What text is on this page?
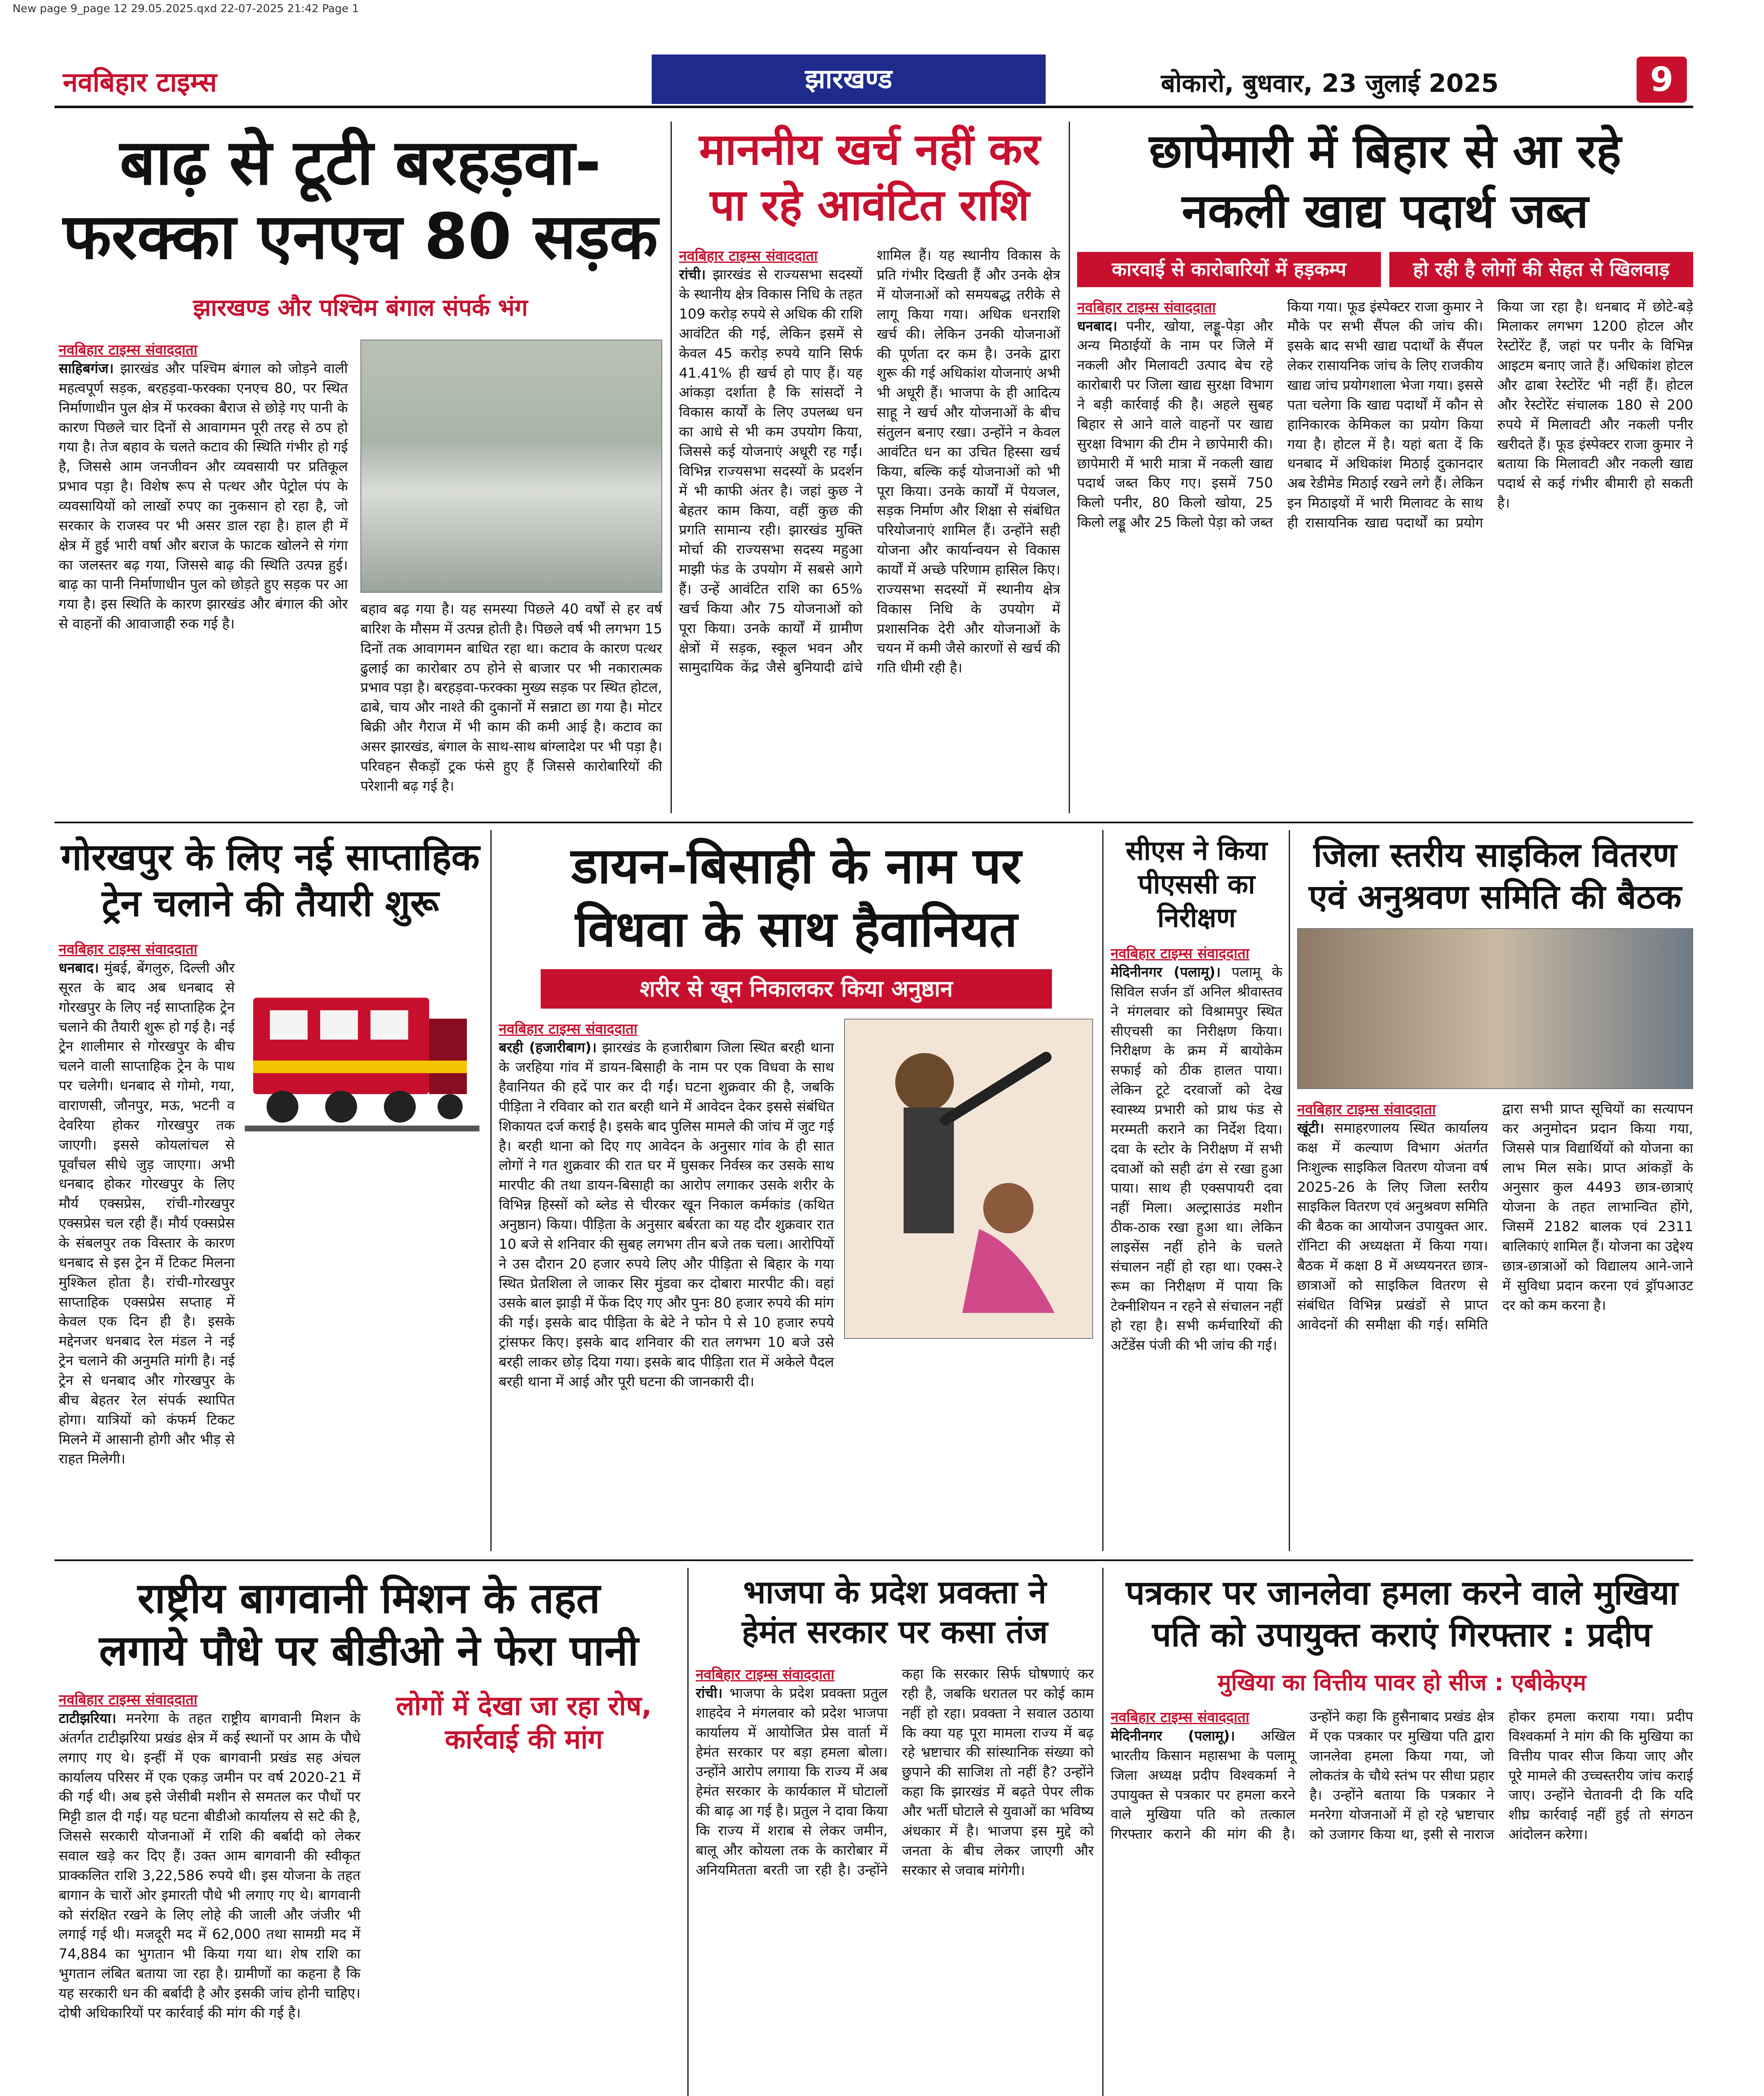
New page 9_page 12 29.05.2025.qxd 22-07-2025 21:42 Page 1
नवबिहार टाइम्स	झारखण्ड	बोकारो, बुधवार, 23 जुलाई 2025	9
बाढ़ से टूटी बरहड़वा-
फरक्का एनएच 80 सड़क
झारखण्ड और पश्चिम बंगाल संपर्क भंग
नवबिहार टाइम्स संवाददाता
साहिबगंज। झारखंड और पश्चिम बंगाल को जोड़ने वाली महत्वपूर्ण सड़क, बरहड़वा-फरक्का एनएच 80, पर स्थित निर्माणाधीन पुल क्षेत्र में फरक्का बैराज से छोड़े गए पानी के कारण पिछले चार दिनों से आवागमन पूरी तरह से ठप हो गया है। तेज बहाव के चलते कटाव की स्थिति गंभीर हो गई है, जिससे आम जनजीवन और व्यवसायी पर प्रतिकूल प्रभाव पड़ा है। विशेष रूप से पत्थर और पेट्रोल पंप के व्यवसायियों को लाखों रुपए का नुकसान हो रहा है, जो सरकार के राजस्व पर भी असर डाल रहा है। हाल ही में क्षेत्र में हुई भारी वर्षा और बराज के फाटक खोलने से गंगा का जलस्तर बढ़ गया, जिससे बाढ़ की स्थिति उत्पन्न हुई। बाढ़ का पानी निर्माणाधीन पुल को छोड़ते हुए सड़क पर आ गया है। इस स्थिति के कारण झारखंड और बंगाल की ओर से वाहनों की आवाजाही रुक गई है।
बहाव बढ़ गया है। यह समस्या पिछले 40 वर्षों से हर वर्ष बारिश के मौसम में उत्पन्न होती है। पिछले वर्ष भी लगभग 15 दिनों तक आवागमन बाधित रहा था। कटाव के कारण पत्थर ढुलाई का कारोबार ठप होने से बाजार पर भी नकारात्मक प्रभाव पड़ा है। बरहड़वा-फरक्का मुख्य सड़क पर स्थित होटल, ढाबे, चाय और नाश्ते की दुकानों में सन्नाटा छा गया है। मोटर बिक्री और गैराज में भी काम की कमी आई है। कटाव का असर झारखंड, बंगाल के साथ-साथ बांग्लादेश पर भी पड़ा है। परिवहन सैकड़ों ट्रक फंसे हुए हैं जिससे कारोबारियों की परेशानी बढ़ गई है।
माननीय खर्च नहीं कर पा रहे आवंटित राशि
नवबिहार टाइम्स संवाददाता
रांची। झारखंड से राज्यसभा सदस्यों के स्थानीय क्षेत्र विकास निधि के तहत 109 करोड़ रुपये से अधिक की राशि आवंटित की गई, लेकिन इसमें से केवल 45 करोड़ रुपये यानि सिर्फ 41.41% ही खर्च हो पाए हैं। यह आंकड़ा दर्शाता है कि सांसदों ने विकास कार्यों के लिए उपलब्ध धन का आधे से भी कम उपयोग किया, जिससे कई योजनाएं अधूरी रह गईं। विभिन्न राज्यसभा सदस्यों के प्रदर्शन में भी काफी अंतर है। जहां कुछ ने बेहतर काम किया, वहीं कुछ की प्रगति सामान्य रही। झारखंड मुक्ति मोर्चा की राज्यसभा सदस्य महुआ माझी फंड के उपयोग में सबसे आगे हैं। उन्हें आवंटित राशि का 65% खर्च किया और 75 योजनाओं को पूरा किया। उनके कार्यों में ग्रामीण क्षेत्रों में सड़क, स्कूल भवन और सामुदायिक केंद्र जैसे बुनियादी ढांचे शामिल हैं। यह स्थानीय विकास के प्रति गंभीर दिखती हैं और उनके क्षेत्र में योजनाओं को समयबद्ध तरीके से लागू किया गया। अधिक धनराशि खर्च की। लेकिन उनकी योजनाओं की पूर्णता दर कम है। उनके द्वारा शुरू की गई अधिकांश योजनाएं अभी भी अधूरी हैं। भाजपा के ही आदित्य साहू ने खर्च और योजनाओं के बीच संतुलन बनाए रखा। उन्होंने न केवल आवंटित धन का उचित हिस्सा खर्च किया, बल्कि कई योजनाओं को भी पूरा किया। उनके कार्यों में पेयजल, सड़क निर्माण और शिक्षा से संबंधित परियोजनाएं शामिल हैं। उन्होंने सही योजना और कार्यान्वयन से विकास कार्यों में अच्छे परिणाम हासिल किए। राज्यसभा सदस्यों में स्थानीय क्षेत्र विकास निधि के उपयोग में प्रशासनिक देरी और योजनाओं के चयन में कमी जैसे कारणों से खर्च की गति धीमी रही है।
छापेमारी में बिहार से आ रहे
नकली खाद्य पदार्थ जब्त
कारवाई से कारोबारियों में हड़कम्प	हो रही है लोगों की सेहत से खिलवाड़
नवबिहार टाइम्स संवाददाता
धनबाद। पनीर, खोया, लड्डू-पेड़ा और अन्य मिठाईयों के नाम पर जिले में नकली और मिलावटी उत्पाद बेच रहे कारोबारी पर जिला खाद्य सुरक्षा विभाग ने बड़ी कार्रवाई की है। अहले सुबह बिहार से आने वाले वाहनों पर खाद्य सुरक्षा विभाग की टीम ने छापेमारी की। छापेमारी में भारी मात्रा में नकली खाद्य पदार्थ जब्त किए गए। इसमें 750 किलो पनीर, 80 किलो खोया, 25 किलो लड्डू और 25 किलो पेड़ा को जब्त किया गया। फूड इंस्पेक्टर राजा कुमार ने मौके पर सभी सैंपल की जांच की। इसके बाद सभी खाद्य पदार्थों के सैंपल लेकर रासायनिक जांच के लिए राजकीय खाद्य जांच प्रयोगशाला भेजा गया। इससे पता चलेगा कि खाद्य पदार्थों में कौन से हानिकारक केमिकल का प्रयोग किया गया है। होटल में है। यहां बता दें कि धनबाद में अधिकांश मिठाई दुकानदार अब रेडीमेड मिठाई रखने लगे हैं। लेकिन इन मिठाइयों में भारी मिलावट के साथ ही रासायनिक खाद्य पदार्थों का प्रयोग किया जा रहा है। धनबाद में छोटे-बड़े मिलाकर लगभग 1200 होटल और रेस्टोरेंट हैं, जहां पर पनीर के विभिन्न आइटम बनाए जाते हैं। अधिकांश होटल और ढाबा रेस्टोरेंट भी नहीं हैं। होटल और रेस्टोरेंट संचालक 180 से 200 रुपये में मिलावटी और नकली पनीर खरीदते हैं। फूड इंस्पेक्टर राजा कुमार ने बताया कि मिलावटी और नकली खाद्य पदार्थ से कई गंभीर बीमारी हो सकती है।
गोरखपुर के लिए नई साप्ताहिक
ट्रेन चलाने की तैयारी शुरू
नवबिहार टाइम्स संवाददाता
धनबाद। मुंबई, बेंगलुरु, दिल्ली और सूरत के बाद अब धनबाद से गोरखपुर के लिए नई साप्ताहिक ट्रेन चलाने की तैयारी शुरू हो गई है। नई ट्रेन शालीमार से गोरखपुर के बीच चलने वाली साप्ताहिक ट्रेन के पाथ पर चलेगी। धनबाद से गोमो, गया, वाराणसी, जौनपुर, मऊ, भटनी व देवरिया होकर गोरखपुर तक जाएगी। इससे कोयलांचल से पूर्वांचल सीधे जुड़ जाएगा। अभी धनबाद होकर गोरखपुर के लिए मौर्य एक्सप्रेस, रांची-गोरखपुर एक्सप्रेस चल रही हैं। मौर्य एक्सप्रेस के संबलपुर तक विस्तार के कारण धनबाद से इस ट्रेन में टिकट मिलना मुश्किल होता है। रांची-गोरखपुर साप्ताहिक एक्सप्रेस सप्ताह में केवल एक दिन ही है। इसके मद्देनजर धनबाद रेल मंडल ने नई ट्रेन चलाने की अनुमति मांगी है। नई ट्रेन से धनबाद और गोरखपुर के बीच बेहतर रेल संपर्क स्थापित होगा। यात्रियों को कंफर्म टिकट मिलने में आसानी होगी और भीड़ से राहत मिलेगी।
डायन-बिसाही के नाम पर
विधवा के साथ हैवानियत
शरीर से खून निकालकर किया अनुष्ठान
नवबिहार टाइम्स संवाददाता
बरही (हजारीबाग)। झारखंड के हजारीबाग जिला स्थित बरही थाना के जरहिया गांव में डायन-बिसाही के नाम पर एक विधवा के साथ हैवानियत की हदें पार कर दी गईं। घटना शुक्रवार की है, जबकि पीड़िता ने रविवार को रात बरही थाने में आवेदन देकर इससे संबंधित शिकायत दर्ज कराई है। इसके बाद पुलिस मामले की जांच में जुट गई है। बरही थाना को दिए गए आवेदन के अनुसार गांव के ही सात लोगों ने गत शुक्रवार की रात घर में घुसकर निर्वस्त्र कर उसके साथ मारपीट की तथा डायन-बिसाही का आरोप लगाकर उसके शरीर के विभिन्न हिस्सों को ब्लेड से चीरकर खून निकाल कर्मकांड (कथित अनुष्ठान) किया। पीड़िता के अनुसार बर्बरता का यह दौर शुक्रवार रात 10 बजे से शनिवार की सुबह लगभग तीन बजे तक चला। आरोपियों ने उस दौरान 20 हजार रुपये लिए और पीड़िता से बिहार के गया स्थित प्रेतशिला ले जाकर सिर मुंडवा कर दोबारा मारपीट की। वहां उसके बाल झाड़ी में फेंक दिए गए और पुनः 80 हजार रुपये की मांग की गई। इसके बाद पीड़िता के बेटे ने फोन पे से 10 हजार रुपये ट्रांसफर किए। इसके बाद शनिवार की रात लगभग 10 बजे उसे बरही लाकर छोड़ दिया गया। इसके बाद पीड़िता रात में अकेले पैदल बरही थाना में आई और पूरी घटना की जानकारी दी।
सीएस ने किया पीएससी का निरीक्षण
नवबिहार टाइम्स संवाददाता
मेदिनीनगर (पलामू)। पलामू के सिविल सर्जन डॉ अनिल श्रीवास्तव ने मंगलवार को विश्रामपुर स्थित सीएचसी का निरीक्षण किया। निरीक्षण के क्रम में बायोकेम सफाई को ठीक हालत पाया। लेकिन टूटे दरवाजों को देख स्वास्थ्य प्रभारी को प्राथ फंड से मरम्मती कराने का निर्देश दिया। दवा के स्टोर के निरीक्षण में सभी दवाओं को सही ढंग से रखा हुआ पाया। साथ ही एक्सपायरी दवा नहीं मिला। अल्ट्रासाउंड मशीन ठीक-ठाक रखा हुआ था। लेकिन लाइसेंस नहीं होने के चलते संचालन नहीं हो रहा था। एक्स-रे रूम का निरीक्षण में पाया कि टेक्नीशियन न रहने से संचालन नहीं हो रहा है। सभी कर्मचारियों की अटेंडेंस पंजी की भी जांच की गई।
जिला स्तरीय साइकिल वितरण
एवं अनुश्रवण समिति की बैठक
नवबिहार टाइम्स संवाददाता
खूंटी। समाहरणालय स्थित कार्यालय कक्ष में कल्याण विभाग अंतर्गत निःशुल्क साइकिल वितरण योजना वर्ष 2025-26 के लिए जिला स्तरीय साइकिल वितरण एवं अनुश्रवण समिति की बैठक का आयोजन उपायुक्त आर. रॉनिटा की अध्यक्षता में किया गया। बैठक में कक्षा 8 में अध्ययनरत छात्र-छात्राओं को साइकिल वितरण से संबंधित विभिन्न प्रखंडों से प्राप्त आवेदनों की समीक्षा की गई। समिति द्वारा सभी प्राप्त सूचियों का सत्यापन कर अनुमोदन प्रदान किया गया, जिससे पात्र विद्यार्थियों को योजना का लाभ मिल सके। प्राप्त आंकड़ों के अनुसार कुल 4493 छात्र-छात्राएं योजना के तहत लाभान्वित होंगे, जिसमें 2182 बालक एवं 2311 बालिकाएं शामिल हैं। योजना का उद्देश्य छात्र-छात्राओं को विद्यालय आने-जाने में सुविधा प्रदान करना एवं ड्रॉपआउट दर को कम करना है।
राष्ट्रीय बागवानी मिशन के तहत
लगाये पौधे पर बीडीओ ने फेरा पानी
नवबिहार टाइम्स संवाददाता
टाटीझरिया। मनरेगा के तहत राष्ट्रीय बागवानी मिशन के अंतर्गत टाटीझरिया प्रखंड क्षेत्र में कई स्थानों पर आम के पौधे लगाए गए थे। इन्हीं में एक बागवानी प्रखंड सह अंचल कार्यालय परिसर में एक एकड़ जमीन पर वर्ष 2020-21 में की गई थी। अब इसे जेसीबी मशीन से समतल कर पौधों पर मिट्टी डाल दी गई। यह घटना बीडीओ कार्यालय से सटे की है, जिससे सरकारी योजनाओं में राशि की बर्बादी को लेकर सवाल खड़े कर दिए हैं। उक्त आम बागवानी की स्वीकृत प्राक्कलित राशि 3,22,586 रुपये थी। इस योजना के तहत बागान के चारों ओर इमारती पौधे भी लगाए गए थे। बागवानी को संरक्षित रखने के लिए लोहे की जाली और जंजीर भी लगाई गई थी। मजदूरी मद में 62,000 तथा सामग्री मद में 74,884 का भुगतान भी किया गया था। शेष राशि का भुगतान लंबित बताया जा रहा है। ग्रामीणों का कहना है कि यह सरकारी धन की बर्बादी है और इसकी जांच होनी चाहिए। दोषी अधिकारियों पर कार्रवाई की मांग की गई है।
लोगों में देखा जा रहा रोष, कार्रवाई की मांग
भाजपा के प्रदेश प्रवक्ता ने
हेमंत सरकार पर कसा तंज
नवबिहार टाइम्स संवाददाता
रांची। भाजपा के प्रदेश प्रवक्ता प्रतुल शाहदेव ने मंगलवार को प्रदेश भाजपा कार्यालय में आयोजित प्रेस वार्ता में हेमंत सरकार पर बड़ा हमला बोला। उन्होंने आरोप लगाया कि राज्य में अब हेमंत सरकार के कार्यकाल में घोटालों की बाढ़ आ गई है। प्रतुल ने दावा किया कि राज्य में शराब से लेकर जमीन, बालू और कोयला तक के कारोबार में अनियमितता बरती जा रही है। उन्होंने कहा कि सरकार सिर्फ घोषणाएं कर रही है, जबकि धरातल पर कोई काम नहीं हो रहा। प्रवक्ता ने सवाल उठाया कि क्या यह पूरा मामला राज्य में बढ़ रहे भ्रष्टाचार की सांस्थानिक संख्या को छुपाने की साजिश तो नहीं है? उन्होंने कहा कि झारखंड में बढ़ते पेपर लीक और भर्ती घोटाले से युवाओं का भविष्य अंधकार में है। भाजपा इस मुद्दे को जनता के बीच लेकर जाएगी और सरकार से जवाब मांगेगी।
पत्रकार पर जानलेवा हमला करने वाले मुखिया
पति को उपायुक्त कराएं गिरफ्तार : प्रदीप
मुखिया का वित्तीय पावर हो सीज : एबीकेएम
नवबिहार टाइम्स संवाददाता
मेदिनीनगर (पलामू)। अखिल भारतीय किसान महासभा के पलामू जिला अध्यक्ष प्रदीप विश्वकर्मा ने उपायुक्त से पत्रकार पर हमला करने वाले मुखिया पति को तत्काल गिरफ्तार कराने की मांग की है। उन्होंने कहा कि हुसैनाबाद प्रखंड क्षेत्र में एक पत्रकार पर मुखिया पति द्वारा जानलेवा हमला किया गया, जो लोकतंत्र के चौथे स्तंभ पर सीधा प्रहार है। उन्होंने बताया कि पत्रकार ने मनरेगा योजनाओं में हो रहे भ्रष्टाचार को उजागर किया था, इसी से नाराज होकर हमला कराया गया। प्रदीप विश्वकर्मा ने मांग की कि मुखिया का वित्तीय पावर सीज किया जाए और पूरे मामले की उच्चस्तरीय जांच कराई जाए। उन्होंने चेतावनी दी कि यदि शीघ्र कार्रवाई नहीं हुई तो संगठन आंदोलन करेगा।
